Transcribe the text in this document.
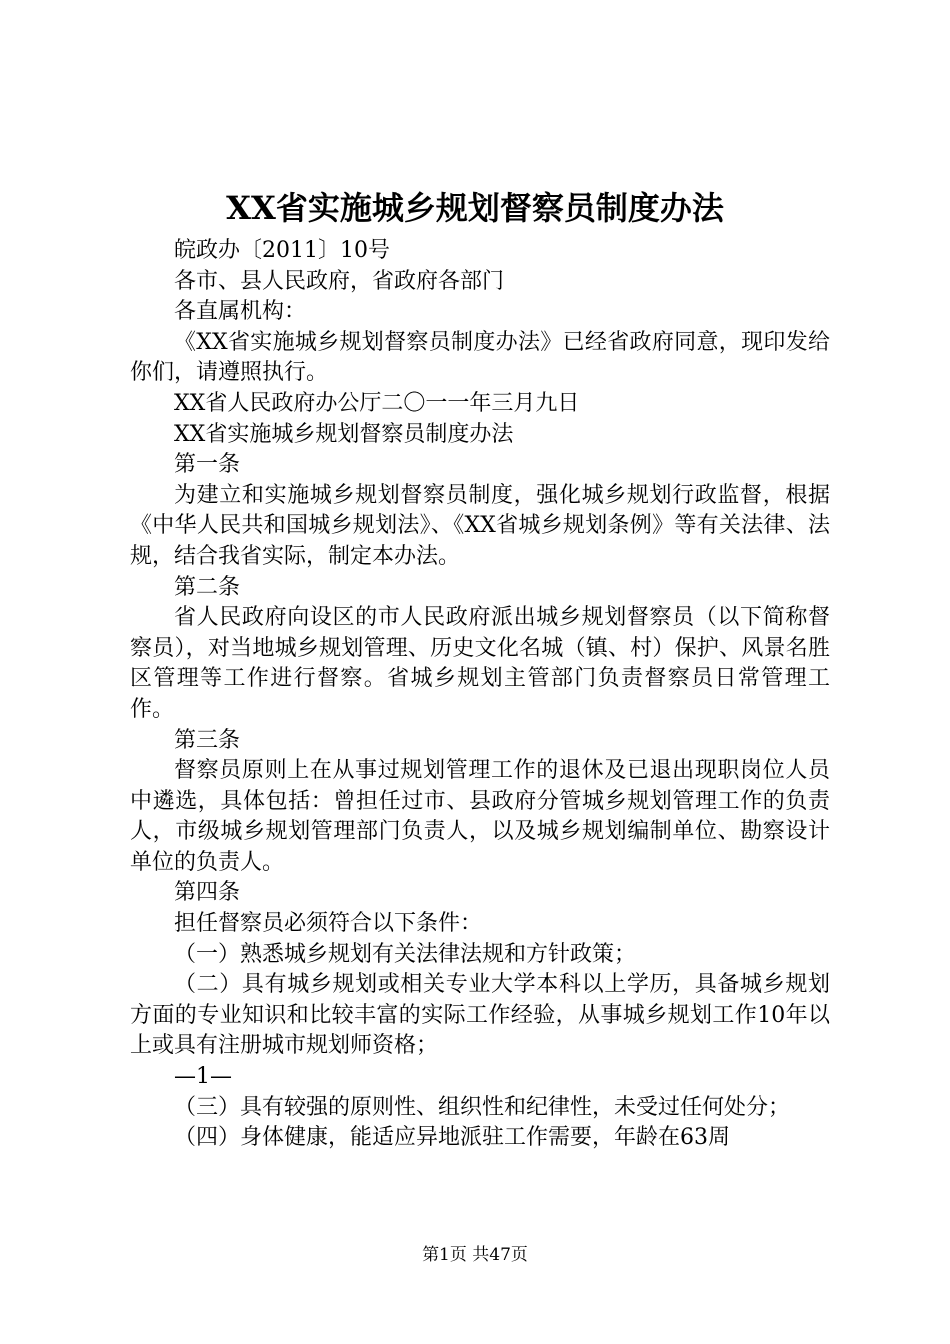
XX省实施城乡规划督察员制度办法

皖政办〔2011〕10号

各市、县人民政府，省政府各部门

各直属机构：

《XX省实施城乡规划督察员制度办法》已经省政府同意，现印发给你们，请遵照执行。

XX省人民政府办公厅二〇一一年三月九日

XX省实施城乡规划督察员制度办法

第一条

为建立和实施城乡规划督察员制度，强化城乡规划行政监督，根据《中华人民共和国城乡规划法》、《XX省城乡规划条例》等有关法律、法规，结合我省实际，制定本办法。

第二条

省人民政府向设区的市人民政府派出城乡规划督察员（以下简称督察员），对当地城乡规划管理、历史文化名城（镇、村）保护、风景名胜区管理等工作进行督察。省城乡规划主管部门负责督察员日常管理工作。

第三条

督察员原则上在从事过规划管理工作的退休及已退出现职岗位人员中遴选，具体包括：曾担任过市、县政府分管城乡规划管理工作的负责人，市级城乡规划管理部门负责人，以及城乡规划编制单位、勘察设计单位的负责人。

第四条

担任督察员必须符合以下条件：

（一）熟悉城乡规划有关法律法规和方针政策；

（二）具有城乡规划或相关专业大学本科以上学历，具备城乡规划方面的专业知识和比较丰富的实际工作经验，从事城乡规划工作10年以上或具有注册城市规划师资格；

—1—

（三）具有较强的原则性、组织性和纪律性，未受过任何处分；

（四）身体健康，能适应异地派驻工作需要，年龄在63周

第1页 共47页
